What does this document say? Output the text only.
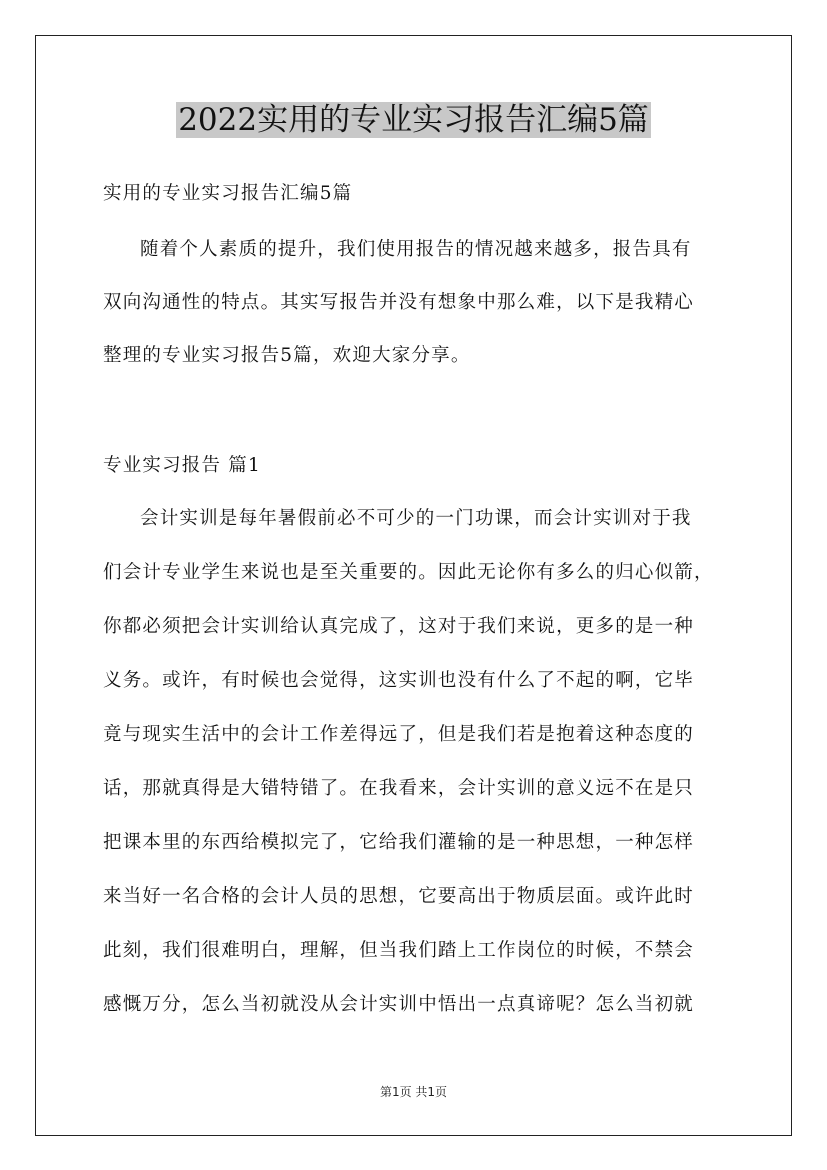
2022实用的专业实习报告汇编5篇
实用的专业实习报告汇编5篇
随着个人素质的提升，我们使用报告的情况越来越多，报告具有
双向沟通性的特点。其实写报告并没有想象中那么难，以下是我精心
整理的专业实习报告5篇，欢迎大家分享。
专业实习报告 篇1
会计实训是每年暑假前必不可少的一门功课，而会计实训对于我
们会计专业学生来说也是至关重要的。因此无论你有多么的归心似箭，
你都必须把会计实训给认真完成了，这对于我们来说，更多的是一种
义务。或许，有时候也会觉得，这实训也没有什么了不起的啊，它毕
竟与现实生活中的会计工作差得远了，但是我们若是抱着这种态度的
话，那就真得是大错特错了。在我看来，会计实训的意义远不在是只
把课本里的东西给模拟完了，它给我们灌输的是一种思想，一种怎样
来当好一名合格的会计人员的思想，它要高出于物质层面。或许此时
此刻，我们很难明白，理解，但当我们踏上工作岗位的时候，不禁会
感慨万分，怎么当初就没从会计实训中悟出一点真谛呢？怎么当初就
第1页 共1页
